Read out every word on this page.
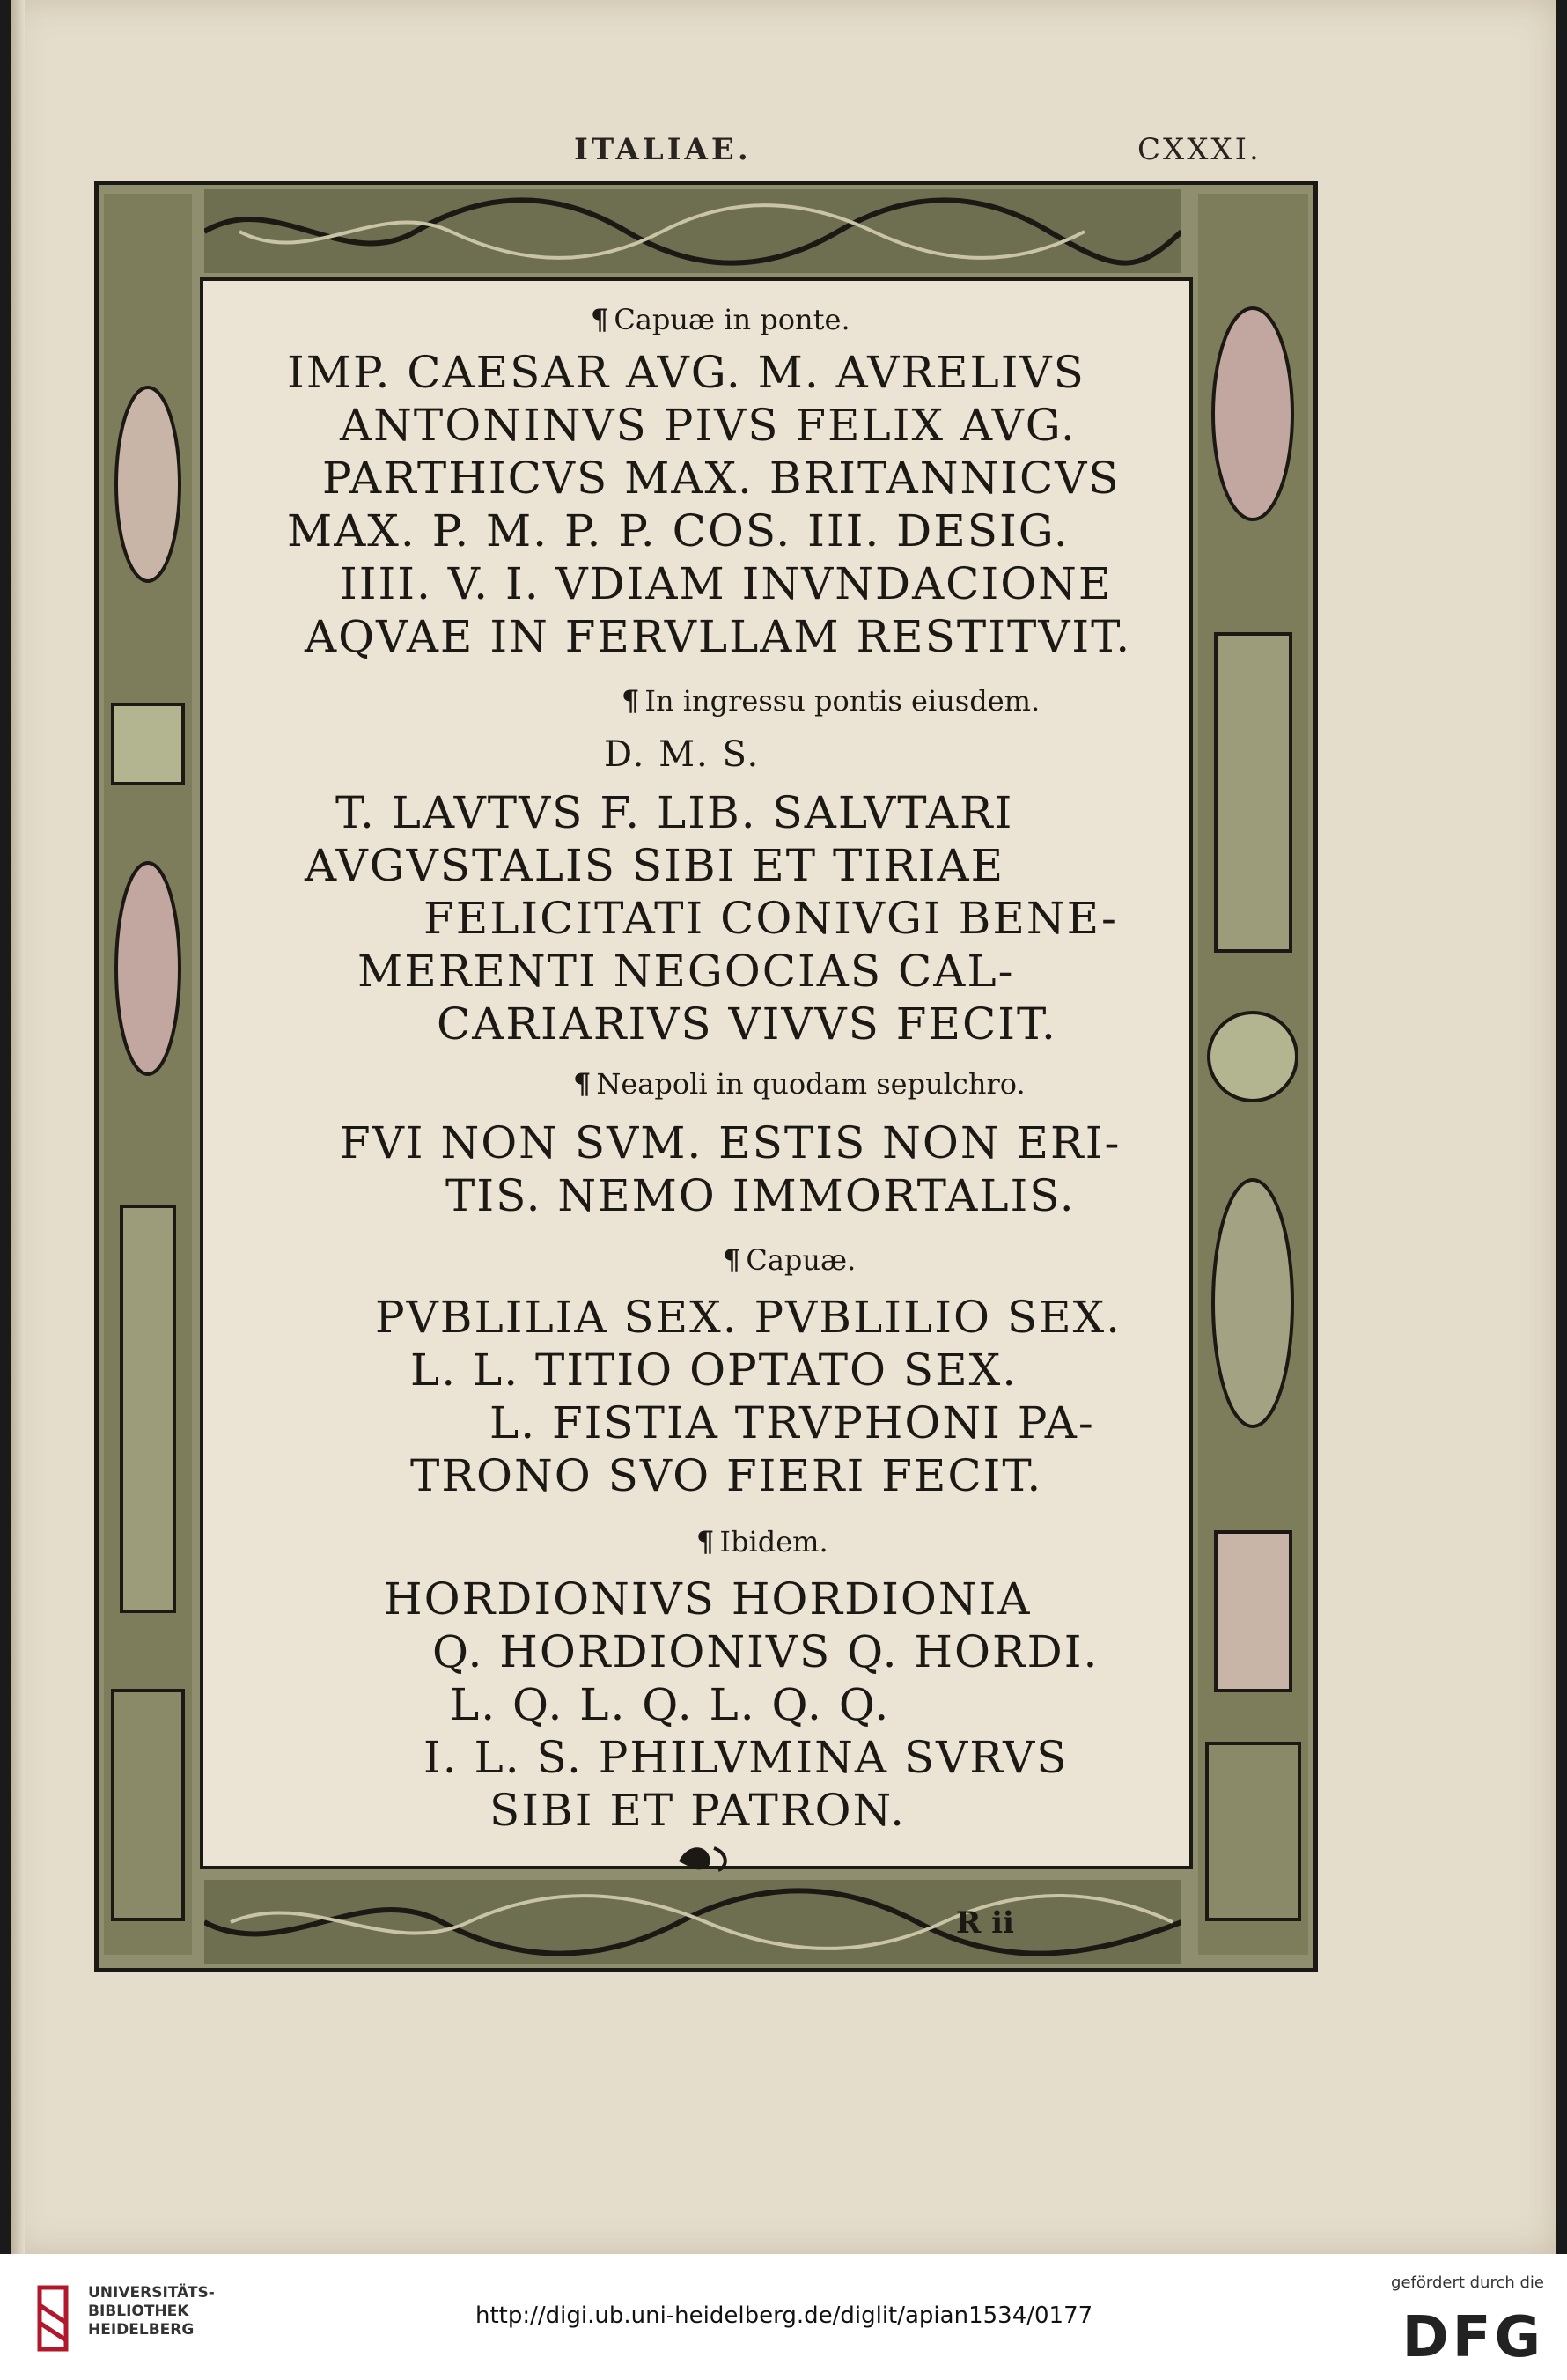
ITALIAE.	CXXXI.
¶ Capuæ in ponte.
IMP. CAESAR AVG. M. AVRELIVS
ANTONINVS PIVS FELIX AVG.
PARTHICVS MAX. BRITANNICVS
MAX. P. M. P. P. COS. III. DESIG.
IIII. V. I. VDIAM INVNDACIONE
AQVAE IN FERVLLAM RESTITVIT.
¶ In ingressu pontis eiusdem.
D. M. S.
T. LAVTVS F. LIB. SALVTARI
AVGVSTALIS SIBI ET TIRIAE
FELICITATI CONIVGI BENE-
MERENTI NEGOCIAS CAL-
CARIARIVS VIVVS FECIT.
¶ Neapoli in quodam sepulchro.
FVI NON SVM. ESTIS NON ERI-
TIS. NEMO IMMORTALIS.
¶ Capuæ.
PVBLILIA SEX. PVBLILIO SEX.
L. L. TITIO OPTATO SEX.
L. FISTIA TRVPHONI PA-
TRONO SVO FIERI FECIT.
¶ Ibidem.
HORDIONIVS HORDIONIA
Q. HORDIONIVS Q. HORDI.
L. Q. L. Q. L. Q. Q.
I. L. S. PHILVMINA SVRVS
SIBI ET PATRON.
R ii
UNIVERSITÄTS-
BIBLIOTHEK
HEIDELBERG
http://digi.ub.uni-heidelberg.de/diglit/apian1534/0177
gefördert durch die
DFG
